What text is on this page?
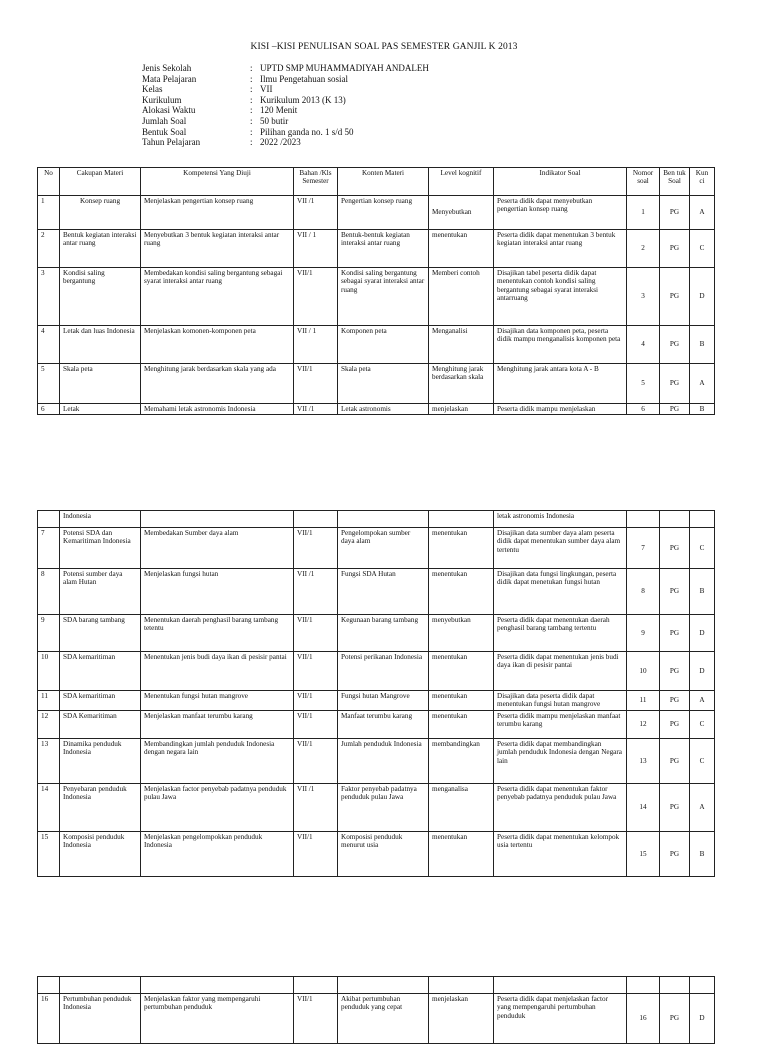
KISI –KISI PENULISAN SOAL PAS SEMESTER GANJIL K 2013
Jenis Sekolah	: UPTD SMP MUHAMMADIYAH ANDALEH
Mata Pelajaran	: Ilmu Pengetahuan sosial
Kelas	: VII
Kurikulum	: Kurikulum 2013 (K 13)
Alokasi Waktu	: 120 Menit
Jumlah Soal	: 50 butir
Bentuk Soal	: Pilihan ganda no. 1 s/d 50
Tahun Pelajaran	: 2022 /2023
No	Cakupan Materi	Kompetensi Yang Diuji	Bahan /Kls Semester	Konten Materi	Level kognitif	Indikator Soal	Nomor soal	Ben tuk Soal	Kun ci
1	Konsep ruang	Menjelaskan pengertian konsep ruang	VII /1	Pengertian konsep ruang	Menyebutkan	Peserta didik dapat menyebutkan pengertian konsep ruang	1	PG	A
2	Bentuk kegiatan interaksi antar ruang	Menyebutkan 3 bentuk kegiatan interaksi antar ruang	VII / 1	Bentuk-bentuk kegiatan interaksi antar ruang	menentukan	Peserta didik dapat menentukan 3 bentuk kegiatan interaksi antar ruang	2	PG	C
3	Kondisi saling bergantung	Membedakan kondisi saling bergantung sebagai syarat interaksi antar ruang	VII/1	Kondisi saling bergantung sebagai syarat interaksi antar ruang	Memberi contoh	Disajikan tabel peserta didik dapat menentukan contoh kondisi saling bergantung sebagai syarat interaksi antarruang	3	PG	D
4	Letak dan luas Indonesia	Menjelaskan komonen-komponen peta	VII / 1	Komponen peta	Menganalisi	Disajikan data komponen peta, peserta didik mampu menganalisis komponen peta	4	PG	B
5	Skala peta	Menghitung jarak berdasarkan skala yang ada	VII/1	Skala peta	Menghitung jarak berdasarkan skala	Menghitung jarak antara kota A - B	5	PG	A
6	Letak	Memahami letak astronomis Indonesia	VII /1	Letak astronomis	menjelaskan	Peserta didik mampu menjelaskan	6	PG	B
	Indonesia					letak astronomis Indonesia			
7	Potensi SDA dan Kemaritiman Indonesia	Membedakan Sumber daya alam	VII/1	Pengelompokan sumber daya alam	menentukan	Disajikan data sumber daya alam peserta didik dapat menentukan sumber daya alam tertentu	7	PG	C
8	Potensi sumber daya alam Hutan	Menjelaskan fungsi hutan	VII /1	Fungsi SDA Hutan	menentukan	Disajikan data fungsi lingkungan, peserta didik dapat menetukan fungsi hutan	8	PG	B
9	SDA barang tambang	Menentukan daerah penghasil barang tambang tetentu	VII/1	Kegunaan barang tambang	menyebutkan	Peserta didik dapat menentukan daerah penghasil barang tambang tertentu	9	PG	D
10	SDA kemaritiman	Menentukan jenis budi daya ikan di pesisir pantai	VII/1	Potensi perikanan Indonesia	menentukan	Peserta didik dapat menentukan jenis budi daya ikan di pesisir pantai	10	PG	D
11	SDA kemaritiman	Menentukan fungsi hutan mangrove	VII/1	Fungsi hutan Mangrove	menentukan	Disajikan data peserta didik dapat menentukan fungsi hutan mangrove	11	PG	A
12	SDA Kemaritiman	Menjelaskan manfaat terumbu karang	VII/1	Manfaat terumbu karang	menentukan	Peserta didik mampu menjelaskan manfaat terumbu karang	12	PG	C
13	Dinamika penduduk Indonesia	Membandingkan jumlah penduduk Indonesia dengan negara lain	VII/1	Jumlah penduduk Indonesia	membandingkan	Peserta didik dapat membandingkan jumlah penduduk Indonesia dengan Negara lain	13	PG	C
14	Penyebaran penduduk Indonesia	Menjelaskan factor penyebab padatnya penduduk pulau Jawa	VII /1	Faktor penyebab padatnya penduduk pulau Jawa	menganalisa	Peserta didik dapat menentukan faktor penyebab padatnya penduduk pulau Jawa	14	PG	A
15	Komposisi penduduk Indonesia	Menjelaskan pengelompokkan penduduk Indonesia	VII/1	Komposisi penduduk menurut usia	menentukan	Peserta didik dapat menentukan kelompok usia tertentu	15	PG	B

16	Pertumbuhan penduduk Indonesia	Menjelaskan faktor yang mempengaruhi pertumbuhan penduduk	VII/1	Akibat pertumbuhan penduduk yang cepat	menjelaskan	Peserta didik dapat menjelaskan factor yang mempengaruhi pertumbuhan penduduk	16	PG	D
